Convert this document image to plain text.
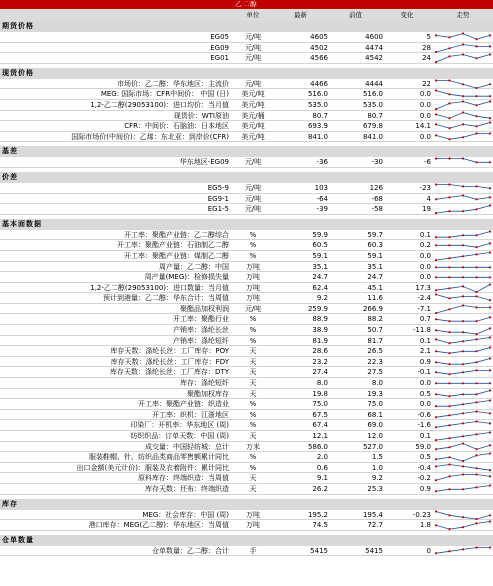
乙二醇
单位	最新	前值	变化	走势
期货价格
EG05	元/吨	4605	4600	5
EG09	元/吨	4502	4474	28
EG01	元/吨	4566	4542	24
现货价格
市场价：乙二醇：华东地区：主流价	元/吨	4466	4444	22
MEG: 国际市场：CFR中间价： 中国 (日)	美元/吨	516.0	516.0	0.0
1,2-乙二醇(29053100)：进口均价：当月值	美元/吨	535.0	535.0	0.0
现货价：WTI原油	美元/桶	80.7	80.7	0.0
CFR：中间价：石脑油：日本地区	美元/吨	693.9	679.8	14.1
国际市场价(中间价)：乙烯：东北亚：到岸价(CFR)	美元/吨	841.0	841.0	0.0
基差
华东地区-EG09	元/吨	-36	-30	-6
价差
EG5-9	元/吨	103	126	-23
EG9-1	元/吨	-64	-68	4
EG1-5	元/吨	-39	-58	19
基本面数据
开工率：聚酯产业链：乙二醇综合	%	59.9	59.7	0.1
开工率：聚酯产业链：石油制乙二醇	%	60.5	60.3	0.2
开工率：聚酯产业链：煤制乙二醇	%	59.1	59.1	0.0
周产量：乙二醇：中国	万吨	35.1	35.1	0.0
周产量(MEG)：检修损失量	万吨	24.7	24.7	0.0
1,2-乙二醇(29053100)：进口数量：当月值	万吨	62.4	45.1	17.3
预计到港量：乙二醇：华东合计：当周值	万吨	9.2	11.6	-2.4
聚酯品加权利润	元/吨	259.9	266.9	-7.1
开工率：聚酯行业	%	88.9	88.2	0.7
产销率：涤纶长丝	%	38.9	50.7	-11.8
产销率：涤纶短纤	%	81.9	81.7	0.1
库存天数：涤纶长丝：工厂库存：POY	天	28.6	26.5	2.1
库存天数：涤纶长丝：工厂库存：FDY	天	23.2	22.3	0.9
库存天数：涤纶长丝：工厂库存：DTY	天	27.4	27.5	-0.1
库存：涤纶短纤	天	8.0	8.0	0.0
聚酯加权库存	天	19.8	19.3	0.5
开工率：聚酯产业链：织造业	%	75.0	75.0	0.0
开工率：织机：江浙地区	%	67.5	68.1	-0.6
印染厂：开机率：华东地区 (周)	%	67.4	69.0	-1.6
纺织织品：订单天数：中国 (周)	天	12.1	12.0	0.1
成交量：中国轻纺城：总计	万米	586.0	527.0	59.0
服装鞋帽、针、纺织品类商品零售额累计同比	%	2.0	1.5	0.5
出口金额(美元计价)：服装及衣着附件：累计同比	%	0.6	1.0	-0.4
原料库存：终端织造：当周值	天	9.1	9.2	-0.2
库存天数：坯布：终端织造	天	26.2	25.3	0.9
库存
MEG：社会库存：中国 (周)	万吨	195.2	195.4	-0.23
港口库存：MEG(乙二醇)：华东地区：当周值	万吨	74.5	72.7	1.8
仓单数量
仓单数量：乙二醇：合计	手	5415	5415	0
